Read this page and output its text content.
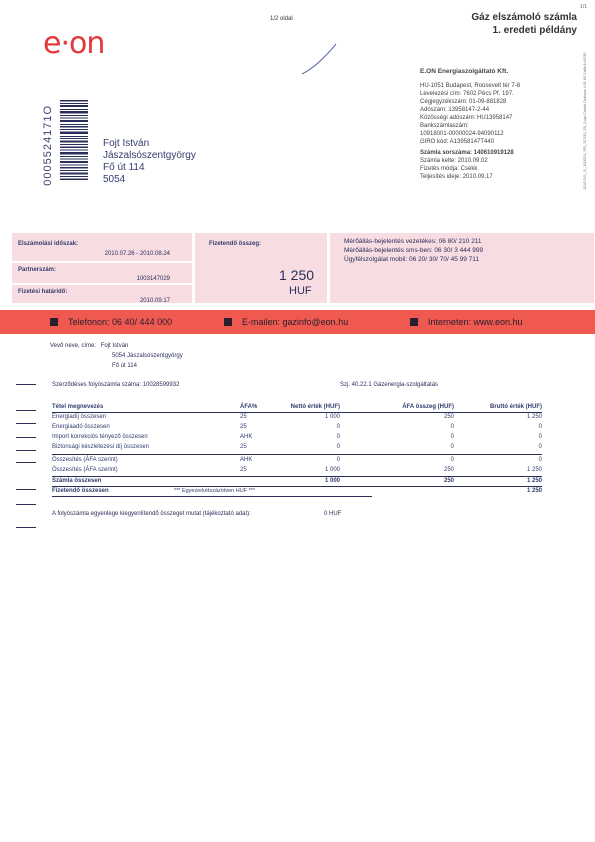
e·on
1/2 oldal
1/1
Gáz elszámoló számla
1. eredeti példány
1110 GO_N_100024_PR_37330_50_1oja Csekk Duksak 4 IE 60 1a8b1c9239
E.ON Energiaszolgáltató Kft.
HU-1051 Budapest, Roosevelt tér 7-8
Levelezési cím: 7602 Pécs Pf. 197.
Cégjegyzékszám: 01-09-881828
Adószám: 13958147-2-44
Közösségi adószám: HU13958147
Bankszámlaszám:
10918001-00000024-94090112
GIRO kód: A13958147T440
Számla sorszáma: 140610919128
Számla kelte: 2010.09.02
Fizetés módja: Csekk
Teljesítés ideje: 2010.09.17
0005524171O	Fojt István
Jászalsószentgyörgy
Fő út 114
5054
Elszámolási időszak:
2010.07.26 - 2010.08.24
Partnerszám:
1003147029
Fizetési határidő:
2010.09.17
Fizetendő összeg:
1 250
HUF
Mérőállás-bejelentés vezetékes: 06 80/ 210 211
Mérőállás-bejelentés sms-ben: 06 30/ 3 444 999
Ügyfélszolgálat mobil: 06 20/ 30/ 70/ 45 99 711
Telefonon: 06 40/ 444 000	E-mailen: gazinfo@eon.hu	Interneten: www.eon.hu
Vevő neve, címe: Fojt István
5054 Jászalsószentgyörgy
Fő út 114
Szerződéses folyószámla száma: 10028599932	Szj. 40.22.1 Gázenergia-szolgáltatás
Tétel megnevezés	ÁFA%	Nettó érték (HUF)	ÁFA összeg (HUF)	Bruttó érték (HUF)
Energiadíj összesen	25	1 000	250	1 250
Energiaadó összesen	25	0	0	0
Import korrekciós tényező összesen	AHK	0	0	0
Biztonsági készletezési díj összesen	25	0	0	0
Összesítés (ÁFA szerint)	AHK	0	0	0
Összesítés (ÁFA szerint)	25	1 000	250	1 250
Számla összesen	1 000	250	1 250
Fizetendő összesen	*** Egyezerkétszázötven HUF ***	1 250
A folyószámla egyenlege kiegyenlítendő összeget mutat (tájékoztató adat):	0 HUF
